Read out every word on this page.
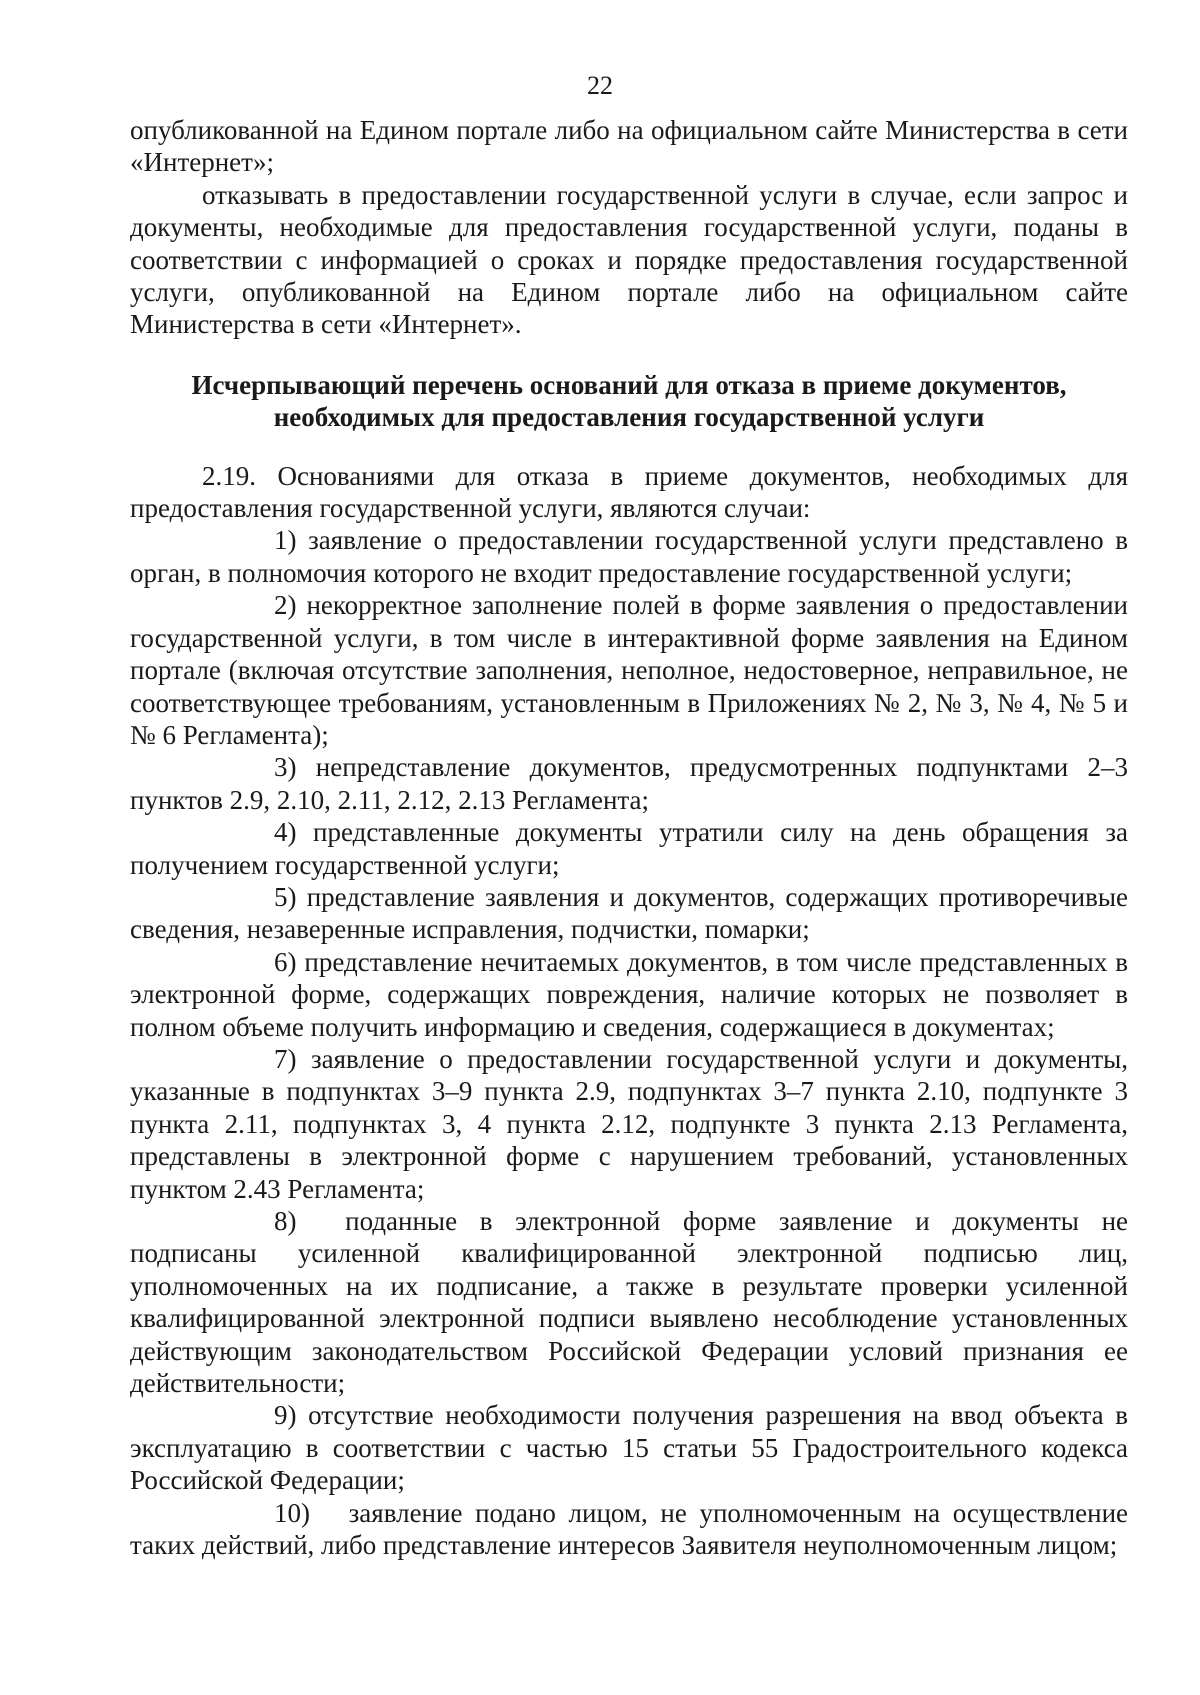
22

опубликованной на Едином портале либо на официальном сайте Министерства в сети «Интернет»;

отказывать в предоставлении государственной услуги в случае, если запрос и документы, необходимые для предоставления государственной услуги, поданы в соответствии с информацией о сроках и порядке предоставления государственной услуги, опубликованной на Едином портале либо на официальном сайте Министерства в сети «Интернет».

Исчерпывающий перечень оснований для отказа в приеме документов,
необходимых для предоставления государственной услуги

2.19. Основаниями для отказа в приеме документов, необходимых для предоставления государственной услуги, являются случаи:

1) заявление о предоставлении государственной услуги представлено в орган, в полномочия которого не входит предоставление государственной услуги;

2) некорректное заполнение полей в форме заявления о предоставлении государственной услуги, в том числе в интерактивной форме заявления на Едином портале (включая отсутствие заполнения, неполное, недостоверное, неправильное, не соответствующее требованиям, установленным в Приложениях № 2, № 3, № 4, № 5 и № 6 Регламента);

3) непредставление документов, предусмотренных подпунктами 2–3 пунктов 2.9, 2.10, 2.11, 2.12, 2.13 Регламента;

4) представленные документы утратили силу на день обращения за получением государственной услуги;

5) представление заявления и документов, содержащих противоречивые сведения, незаверенные исправления, подчистки, помарки;

6) представление нечитаемых документов, в том числе представленных в электронной форме, содержащих повреждения, наличие которых не позволяет в полном объеме получить информацию и сведения, содержащиеся в документах;

7) заявление о предоставлении государственной услуги и документы, указанные в подпунктах 3–9 пункта 2.9, подпунктах 3–7 пункта 2.10, подпункте 3 пункта 2.11, подпунктах 3, 4 пункта 2.12, подпункте 3 пункта 2.13 Регламента, представлены в электронной форме с нарушением требований, установленных пунктом 2.43 Регламента;

8) поданные в электронной форме заявление и документы не подписаны усиленной квалифицированной электронной подписью лиц, уполномоченных на их подписание, а также в результате проверки усиленной квалифицированной электронной подписи выявлено несоблюдение установленных действующим законодательством Российской Федерации условий признания ее действительности;

9) отсутствие необходимости получения разрешения на ввод объекта в эксплуатацию в соответствии с частью 15 статьи 55 Градостроительного кодекса Российской Федерации;

10) заявление подано лицом, не уполномоченным на осуществление таких действий, либо представление интересов Заявителя неуполномоченным лицом;
